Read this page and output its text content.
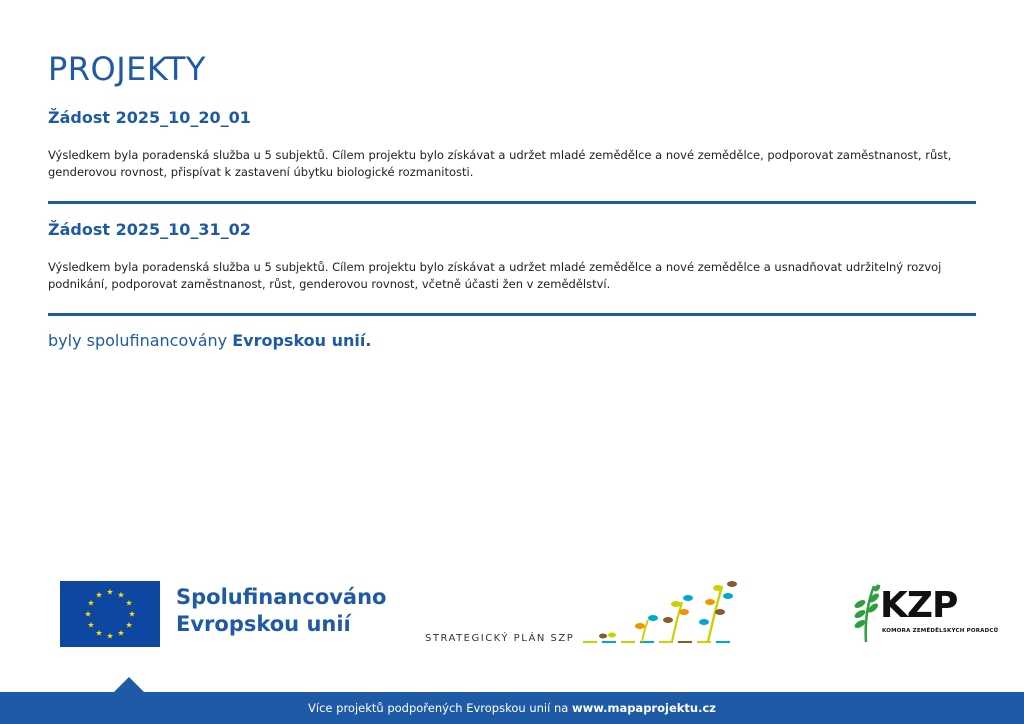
PROJEKTY
Žádost 2025_10_20_01

Výsledkem byla poradenská služba u 5 subjektů. Cílem projektu bylo získávat a udržet mladé zemědělce a nové zemědělce, podporovat zaměstnanost, růst, genderovou rovnost, přispívat k zastavení úbytku biologické rozmanitosti.

Žádost 2025_10_31_02

Výsledkem byla poradenská služba u 5 subjektů. Cílem projektu bylo získávat a udržet mladé zemědělce a nové zemědělce a usnadňovat udržitelný rozvoj podnikání, podporovat zaměstnanost, růst, genderovou rovnost, včetně účasti žen v zemědělství.

byly spolufinancovány Evropskou unií.
Spolufinancováno
Evropskou unií
STRATEGICKÝ PLÁN SZP
KZP
KOMORA ZEMĚDĚLSKÝCH PORADCŮ
Více projektů podpořených Evropskou unií na www.mapaprojektu.cz
